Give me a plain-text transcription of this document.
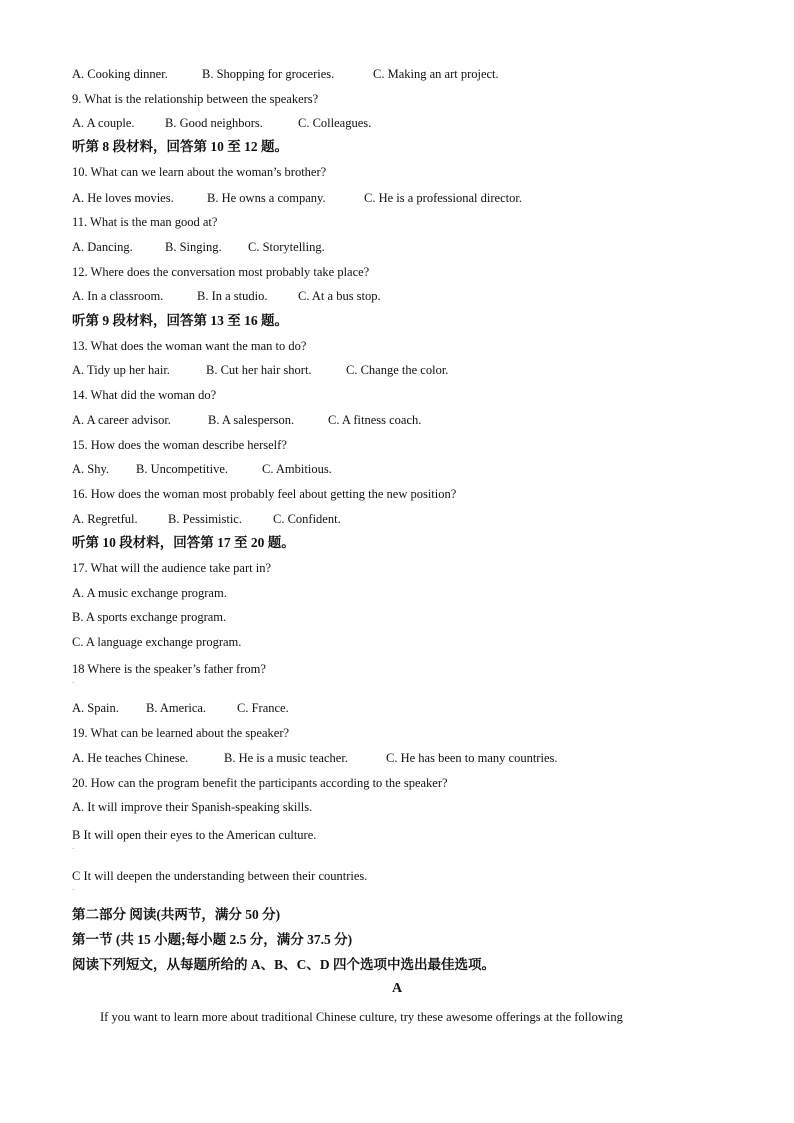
A. Cooking dinner.	B. Shopping for groceries.	C. Making an art project.
9. What is the relationship between the speakers?
A. A couple. B. Good neighbors.	C. Colleagues.
听第 8 段材料，回答第 10 至 12 题。
10. What can we learn about the woman’s brother?
A. He loves movies.	B. He owns a company.	C. He is a professional director.
11. What is the man good at?
A. Dancing.	B. Singing. C. Storytelling.
12. Where does the conversation most probably take place?
A. In a classroom.	B. In a studio. C. At a bus stop.
听第 9 段材料，回答第 13 至 16 题。
13. What does the woman want the man to do?
A. Tidy up her hair.	B. Cut her hair short.	C. Change the color.
14. What did the woman do?
A. A career advisor.	B. A salesperson.	C. A fitness coach.
15. How does the woman describe herself?
A. Shy. B. Uncompetitive.	C. Ambitious.
16. How does the woman most probably feel about getting the new position?
A. Regretful. B. Pessimistic. C. Confident.
听第 10 段材料，回答第 17 至 20 题。
17. What will the audience take part in?
A. A music exchange program.
B. A sports exchange program.
C. A language exchange program.
18 Where is the speaker’s father from?
·
A. Spain. B. America. C. France.
19. What can be learned about the speaker?
A. He teaches Chinese.	B. He is a music teacher.	C. He has been to many countries.
20. How can the program benefit the participants according to the speaker?
A. It will improve their Spanish-speaking skills.
B It will open their eyes to the American culture.
·
C It will deepen the understanding between their countries.
·
第二部分 阅读(共两节，满分 50 分)
第一节 (共 15 小题;每小题 2.5 分，满分 37.5 分)
阅读下列短文，从每题所给的 A、B、C、D 四个选项中选出最佳选项。
A
If you want to learn more about traditional Chinese culture, try these awesome offerings at the following
